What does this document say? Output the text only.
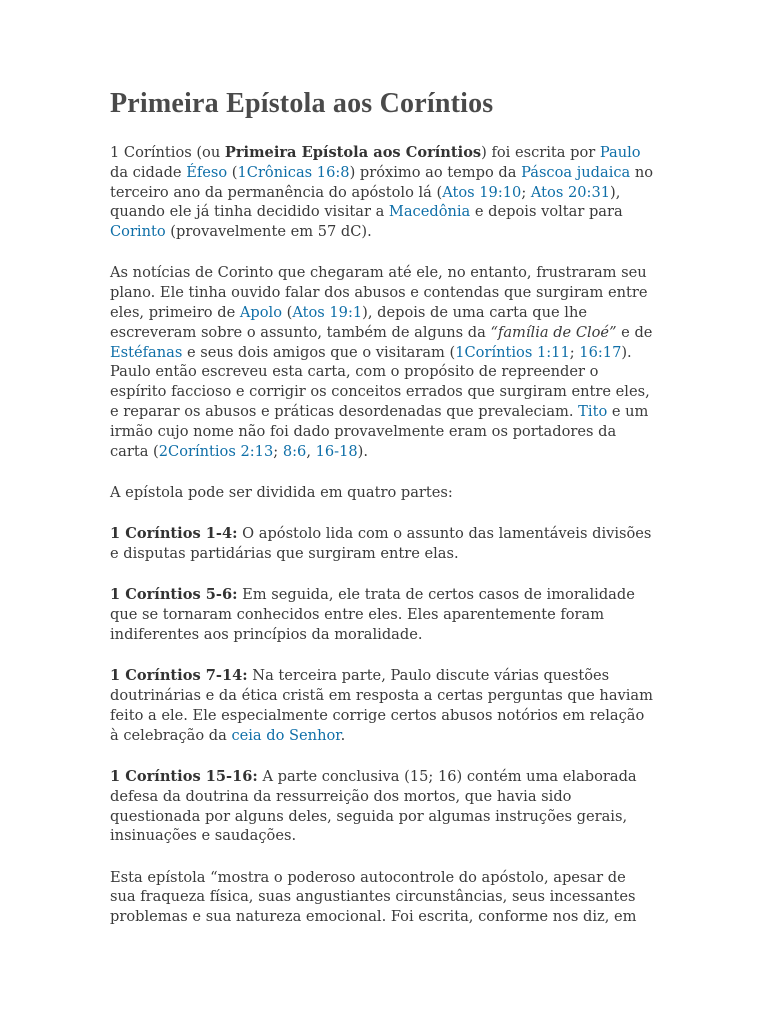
Primeira Epístola aos Coríntios

1 Coríntios (ou Primeira Epístola aos Coríntios) foi escrita por Paulo da cidade Éfeso (1Crônicas 16:8) próximo ao tempo da Páscoa judaica no terceiro ano da permanência do apóstolo lá (Atos 19:10; Atos 20:31), quando ele já tinha decidido visitar a Macedônia e depois voltar para Corinto (provavelmente em 57 dC).

As notícias de Corinto que chegaram até ele, no entanto, frustraram seu plano. Ele tinha ouvido falar dos abusos e contendas que surgiram entre eles, primeiro de Apolo (Atos 19:1), depois de uma carta que lhe escreveram sobre o assunto, também de alguns da “família de Cloé” e de Estéfanas e seus dois amigos que o visitaram (1Coríntios 1:11; 16:17). Paulo então escreveu esta carta, com o propósito de repreender o espírito faccioso e corrigir os conceitos errados que surgiram entre eles, e reparar os abusos e práticas desordenadas que prevaleciam. Tito e um irmão cujo nome não foi dado provavelmente eram os portadores da carta (2Coríntios 2:13; 8:6, 16-18).

A epístola pode ser dividida em quatro partes:

1 Coríntios 1-4: O apóstolo lida com o assunto das lamentáveis divisões e disputas partidárias que surgiram entre elas.

1 Coríntios 5-6: Em seguida, ele trata de certos casos de imoralidade que se tornaram conhecidos entre eles. Eles aparentemente foram indiferentes aos princípios da moralidade.

1 Coríntios 7-14: Na terceira parte, Paulo discute várias questões doutrinárias e da ética cristã em resposta a certas perguntas que haviam feito a ele. Ele especialmente corrige certos abusos notórios em relação à celebração da ceia do Senhor.

1 Coríntios 15-16: A parte conclusiva (15; 16) contém uma elaborada defesa da doutrina da ressurreição dos mortos, que havia sido questionada por alguns deles, seguida por algumas instruções gerais, insinuações e saudações.

Esta epístola “mostra o poderoso autocontrole do apóstolo, apesar de sua fraqueza física, suas angustiantes circunstâncias, seus incessantes problemas e sua natureza emocional. Foi escrita, conforme nos diz, em
